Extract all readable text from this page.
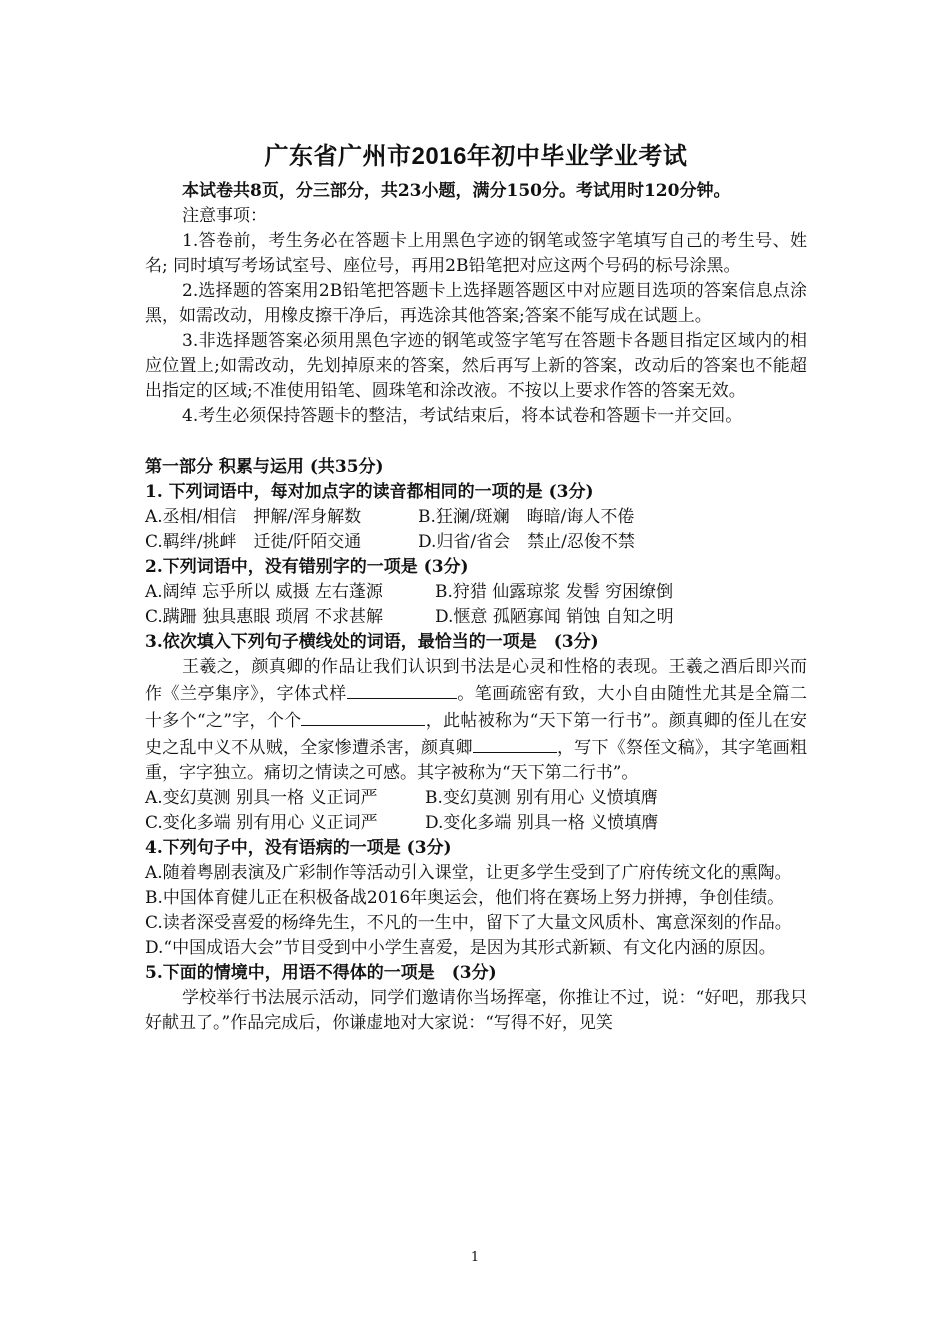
广东省广州市2016年初中毕业学业考试

本试卷共8页，分三部分，共23小题，满分150分。考试用时120分钟。

注意事项：

1.答卷前，考生务必在答题卡上用黑色字迹的钢笔或签字笔填写自己的考生号、姓名; 同时填写考场试室号、座位号，再用2B铅笔把对应这两个号码的标号涂黑。

2.选择题的答案用2B铅笔把答题卡上选择题答题区中对应题目选项的答案信息点涂黑，如需改动，用橡皮擦干净后，再选涂其他答案;答案不能写成在试题上。

3.非选择题答案必须用黑色字迹的钢笔或签字笔写在答题卡各题目指定区域内的相应位置上;如需改动，先划掉原来的答案，然后再写上新的答案，改动后的答案也不能超出指定的区域;不准使用铅笔、圆珠笔和涂改液。不按以上要求作答的答案无效。

4.考生必须保持答题卡的整洁，考试结束后，将本试卷和答题卡一并交回。

第一部分 积累与运用 (共35分)

1. 下列词语中，每对加点字的读音都相同的一项的是 (3分)

A.丞相/相信　押解/浑身解数	B.狂澜/斑斓　晦暗/诲人不倦

C.羁绊/挑衅　迁徙/阡陌交通	D.归省/省会　禁止/忍俊不禁

2.下列词语中，没有错别字的一项是 (3分)

A.阔绰 忘乎所以 威摄 左右蓬源	B.狩猎 仙露琼浆 发髻 穷困缭倒

C.蹒跚 独具惠眼 琐屑 不求甚解	D.惬意 孤陋寡闻 销蚀 自知之明

3.依次填入下列句子横线处的词语，最恰当的一项是　(3分)

王羲之，颜真卿的作品让我们认识到书法是心灵和性格的表现。王羲之酒后即兴而作《兰亭集序》，字体式样	。笔画疏密有致，大小自由随性尤其是全篇二十多个“之”字，个个	，此帖被称为“天下第一行书”。颜真卿的侄儿在安史之乱中义不从贼，全家惨遭杀害，颜真卿	，写下《祭侄文稿》，其字笔画粗重，字字独立。痛切之情读之可感。其字被称为“天下第二行书”。

A.变幻莫测 别具一格 义正词严	B.变幻莫测 别有用心 义愤填膺

C.变化多端 别有用心 义正词严	D.变化多端 别具一格 义愤填膺

4.下列句子中，没有语病的一项是 (3分)

A.随着粤剧表演及广彩制作等活动引入课堂，让更多学生受到了广府传统文化的熏陶。

B.中国体育健儿正在积极备战2016年奥运会，他们将在赛场上努力拼搏，争创佳绩。

C.读者深受喜爱的杨绛先生，不凡的一生中，留下了大量文风质朴、寓意深刻的作品。

D.“中国成语大会”节目受到中小学生喜爱，是因为其形式新颖、有文化内涵的原因。

5.下面的情境中，用语不得体的一项是　(3分)

学校举行书法展示活动，同学们邀请你当场挥毫，你推让不过，说：“好吧，那我只好献丑了。”作品完成后，你谦虚地对大家说：“写得不好，见笑

1
